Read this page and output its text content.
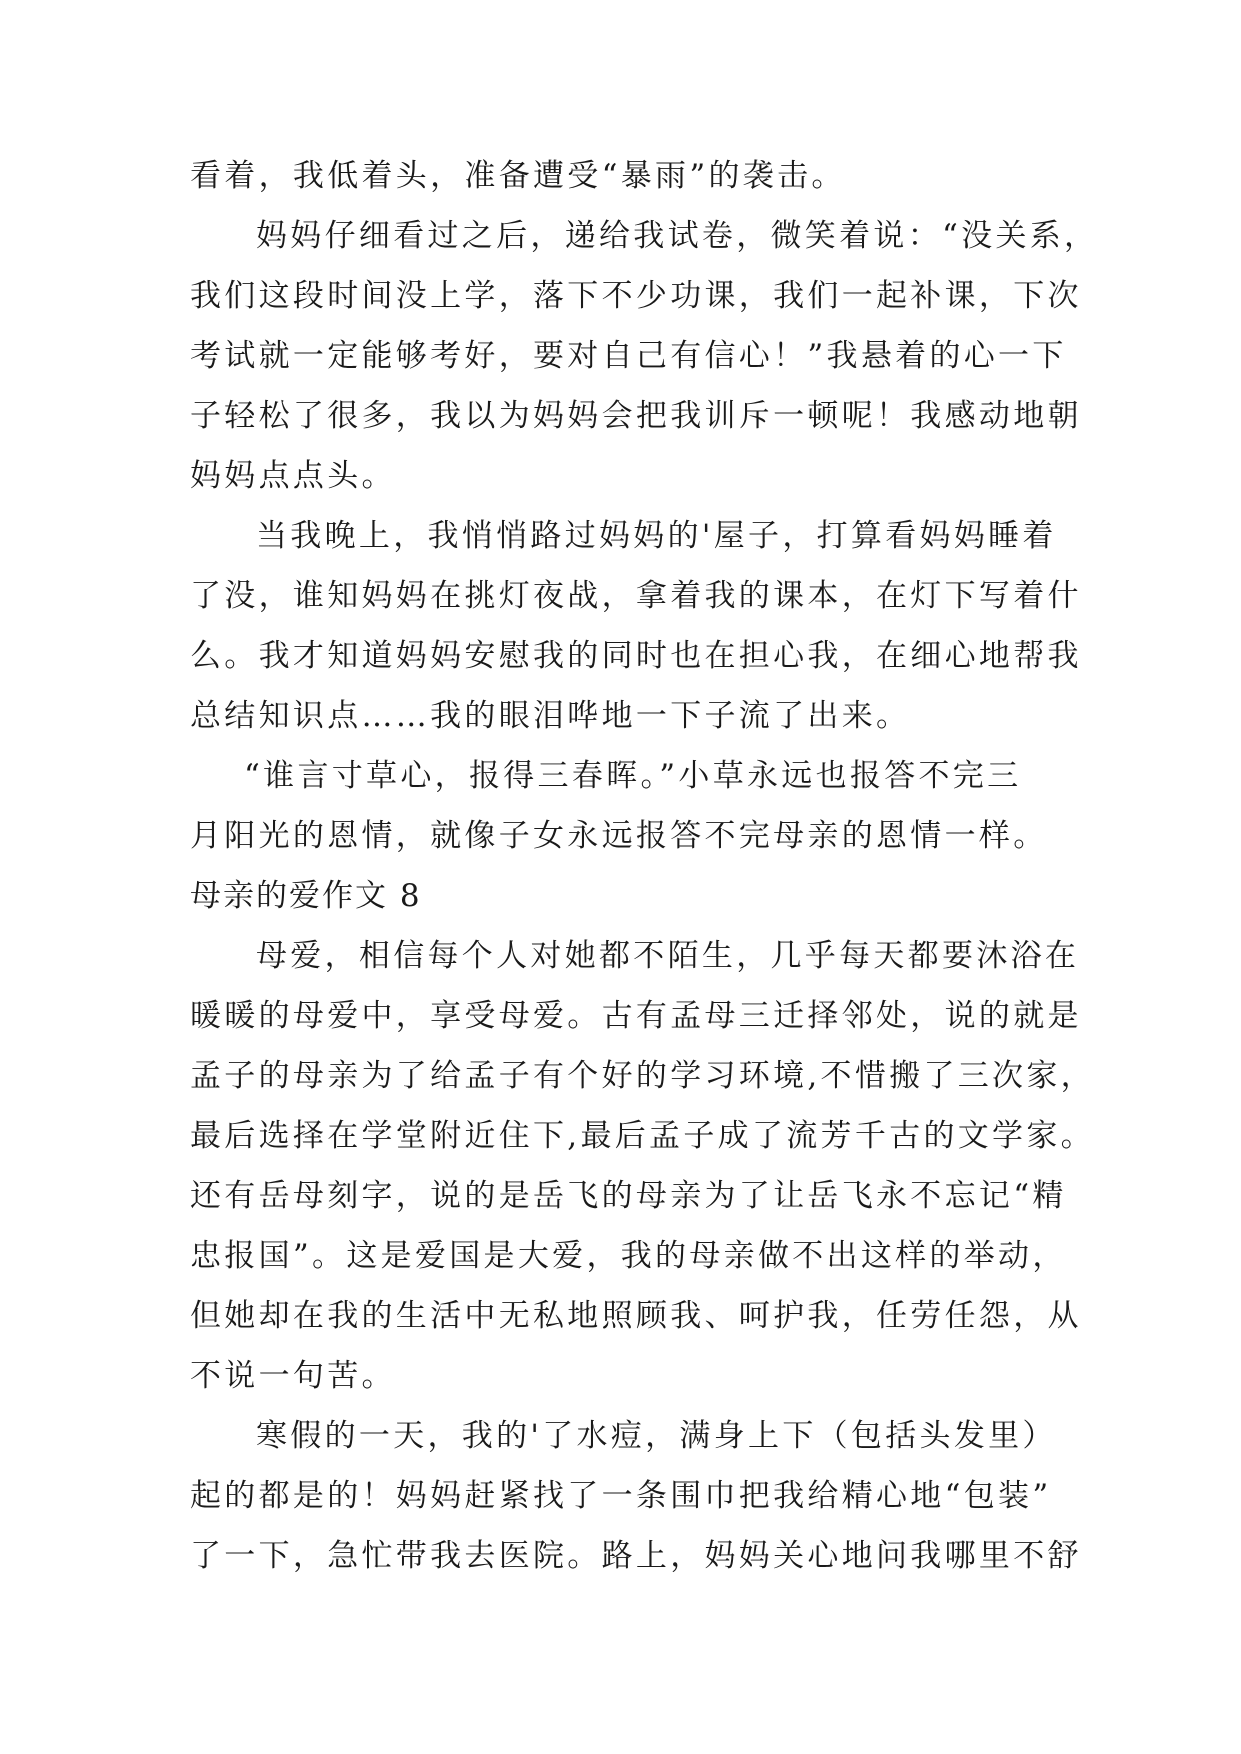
看着，我低着头，准备遭受“暴雨”的袭击。
妈妈仔细看过之后，递给我试卷，微笑着说：“没关系，
我们这段时间没上学，落下不少功课，我们一起补课，下次
考试就一定能够考好，要对自己有信心！”我悬着的心一下
子轻松了很多，我以为妈妈会把我训斥一顿呢！我感动地朝
妈妈点点头。
当我晚上，我悄悄路过妈妈的'屋子，打算看妈妈睡着
了没，谁知妈妈在挑灯夜战，拿着我的课本，在灯下写着什
么。我才知道妈妈安慰我的同时也在担心我，在细心地帮我
总结知识点……我的眼泪哗地一下子流了出来。
“谁言寸草心，报得三春晖。”小草永远也报答不完三
月阳光的恩情，就像子女永远报答不完母亲的恩情一样。
母亲的爱作文 8
母爱，相信每个人对她都不陌生，几乎每天都要沐浴在
暖暖的母爱中，享受母爱。古有孟母三迁择邻处，说的就是
孟子的母亲为了给孟子有个好的学习环境,不惜搬了三次家，
最后选择在学堂附近住下,最后孟子成了流芳千古的文学家。
还有岳母刻字，说的是岳飞的母亲为了让岳飞永不忘记“精
忠报国”。这是爱国是大爱，我的母亲做不出这样的举动，
但她却在我的生活中无私地照顾我、呵护我，任劳任怨，从
不说一句苦。
寒假的一天，我的'了水痘，满身上下（包括头发里）
起的都是的！妈妈赶紧找了一条围巾把我给精心地“包装”
了一下，急忙带我去医院。路上，妈妈关心地问我哪里不舒
